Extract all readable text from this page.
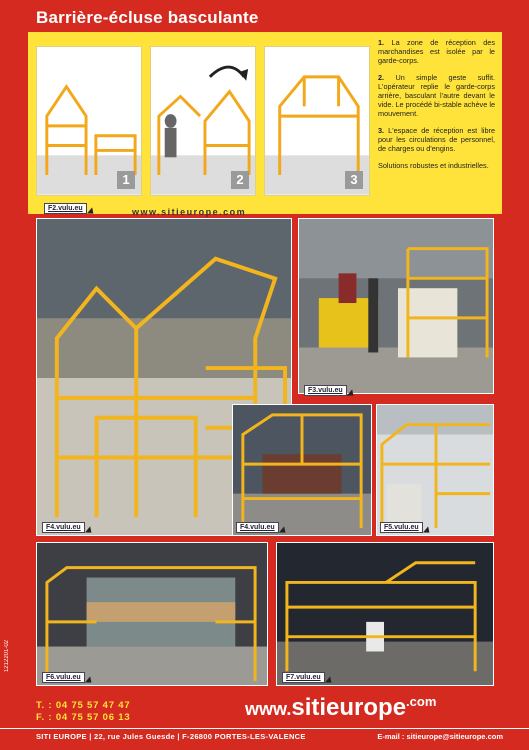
Barrière-écluse basculante
1	2	3

1. La zone de réception des marchandises est isolée par le garde-corps.

2. Un simple geste suffit. L'opérateur replie le garde-corps arrière, basculant l'autre devant le vide. Le procédé bi-stable achève le mouvement.

3. L'espace de réception est libre pour les circulations de personnel, de charges ou d'engins.

Solutions robustes et industrielles.

F2.vulu.eu	www.sitieurope.com
F4.vulu.eu
F3.vulu.eu
F4.vulu.eu	F5.vulu.eu
F6.vulu.eu	F7.vulu.eu
1212201-02
T. : 04 75 57 47 47
F. : 04 75 57 06 13	www.sitieurope$^{.com}$
SITI EUROPE | 22, rue Jules Guesde | F-26800 PORTES-LES-VALENCE	E-mail : sitieurope@sitieurope.com
